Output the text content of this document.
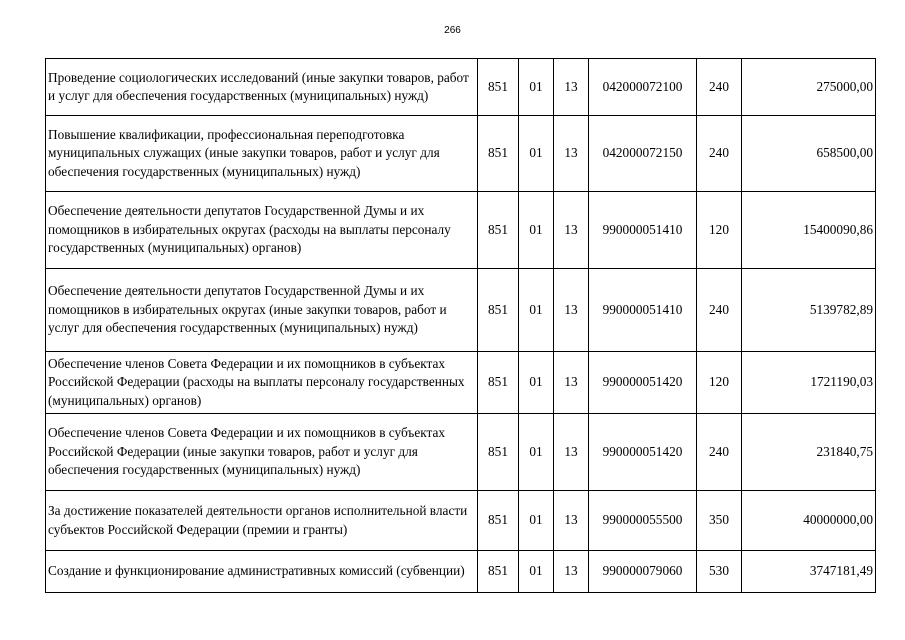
266
Проведение социологических исследований (иные закупки товаров, работ и услуг для обеспечения государственных (муниципальных) нужд)	851	01	13	042000072100	240	275000,00
Повышение квалификации, профессиональная переподготовка муниципальных служащих (иные закупки товаров, работ и услуг для обеспечения государственных (муниципальных) нужд)	851	01	13	042000072150	240	658500,00
Обеспечение деятельности депутатов Государственной Думы и их помощников в избирательных округах (расходы на выплаты персоналу государственных (муниципальных) органов)	851	01	13	990000051410	120	15400090,86
Обеспечение деятельности депутатов Государственной Думы и их помощников в избирательных округах (иные закупки товаров, работ и услуг для обеспечения государственных (муниципальных) нужд)	851	01	13	990000051410	240	5139782,89
Обеспечение членов Совета Федерации и их помощников в субъектах Российской Федерации (расходы на выплаты персоналу государственных (муниципальных) органов)	851	01	13	990000051420	120	1721190,03
Обеспечение членов Совета Федерации и их помощников в субъектах Российской Федерации (иные закупки товаров, работ и услуг для обеспечения государственных (муниципальных) нужд)	851	01	13	990000051420	240	231840,75
За достижение показателей деятельности органов исполнительной власти субъектов Российской Федерации (премии и гранты)	851	01	13	990000055500	350	40000000,00
Создание и функционирование административных комиссий (субвенции)	851	01	13	990000079060	530	3747181,49
